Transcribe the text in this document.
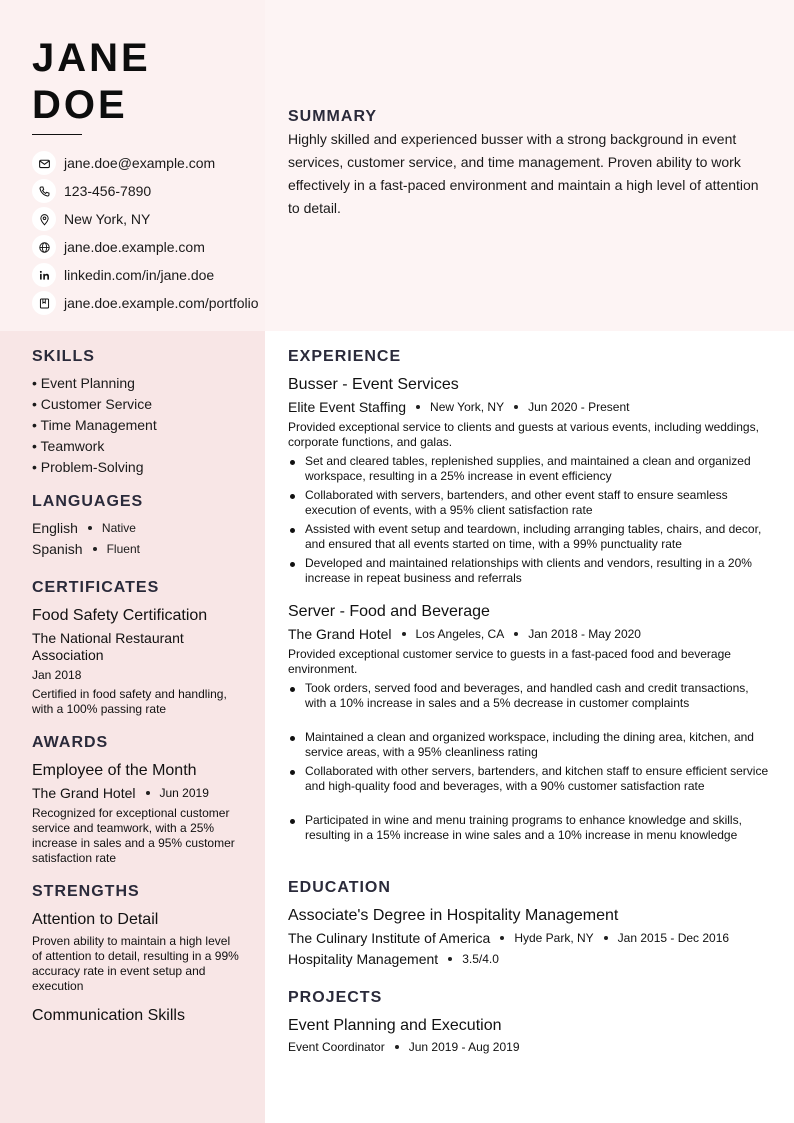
JANE
DOE
jane.doe@example.com
123-456-7890
New York, NY
jane.doe.example.com
linkedin.com/in/jane.doe
jane.doe.example.com/portfolio
SUMMARY
Highly skilled and experienced busser with a strong background in event services, customer service, and time management. Proven ability to work effectively in a fast-paced environment and maintain a high level of attention to detail.
SKILLS
• Event Planning
• Customer Service
• Time Management
• Teamwork
• Problem-Solving
LANGUAGES
English Native
Spanish Fluent
CERTIFICATES
Food Safety Certification
The National Restaurant Association
Jan 2018
Certified in food safety and handling, with a 100% passing rate
AWARDS
Employee of the Month
The Grand Hotel Jun 2019
Recognized for exceptional customer service and teamwork, with a 25% increase in sales and a 95% customer satisfaction rate
STRENGTHS
Attention to Detail
Proven ability to maintain a high level of attention to detail, resulting in a 99% accuracy rate in event setup and execution
Communication Skills
EXPERIENCE
Busser - Event Services
Elite Event Staffing New York, NY Jun 2020 - Present
Provided exceptional service to clients and guests at various events, including weddings, corporate functions, and galas.
Set and cleared tables, replenished supplies, and maintained a clean and organized workspace, resulting in a 25% increase in event efficiency
Collaborated with servers, bartenders, and other event staff to ensure seamless execution of events, with a 95% client satisfaction rate
Assisted with event setup and teardown, including arranging tables, chairs, and decor, and ensured that all events started on time, with a 99% punctuality rate
Developed and maintained relationships with clients and vendors, resulting in a 20% increase in repeat business and referrals
Server - Food and Beverage
The Grand Hotel Los Angeles, CA Jan 2018 - May 2020
Provided exceptional customer service to guests in a fast-paced food and beverage environment.
Took orders, served food and beverages, and handled cash and credit transactions, with a 10% increase in sales and a 5% decrease in customer complaints
Maintained a clean and organized workspace, including the dining area, kitchen, and service areas, with a 95% cleanliness rating
Collaborated with other servers, bartenders, and kitchen staff to ensure efficient service and high-quality food and beverages, with a 90% customer satisfaction rate
Participated in wine and menu training programs to enhance knowledge and skills, resulting in a 15% increase in wine sales and a 10% increase in menu knowledge
EDUCATION
Associate's Degree in Hospitality Management
The Culinary Institute of America Hyde Park, NY Jan 2015 - Dec 2016
Hospitality Management 3.5/4.0
PROJECTS
Event Planning and Execution
Event Coordinator Jun 2019 - Aug 2019
